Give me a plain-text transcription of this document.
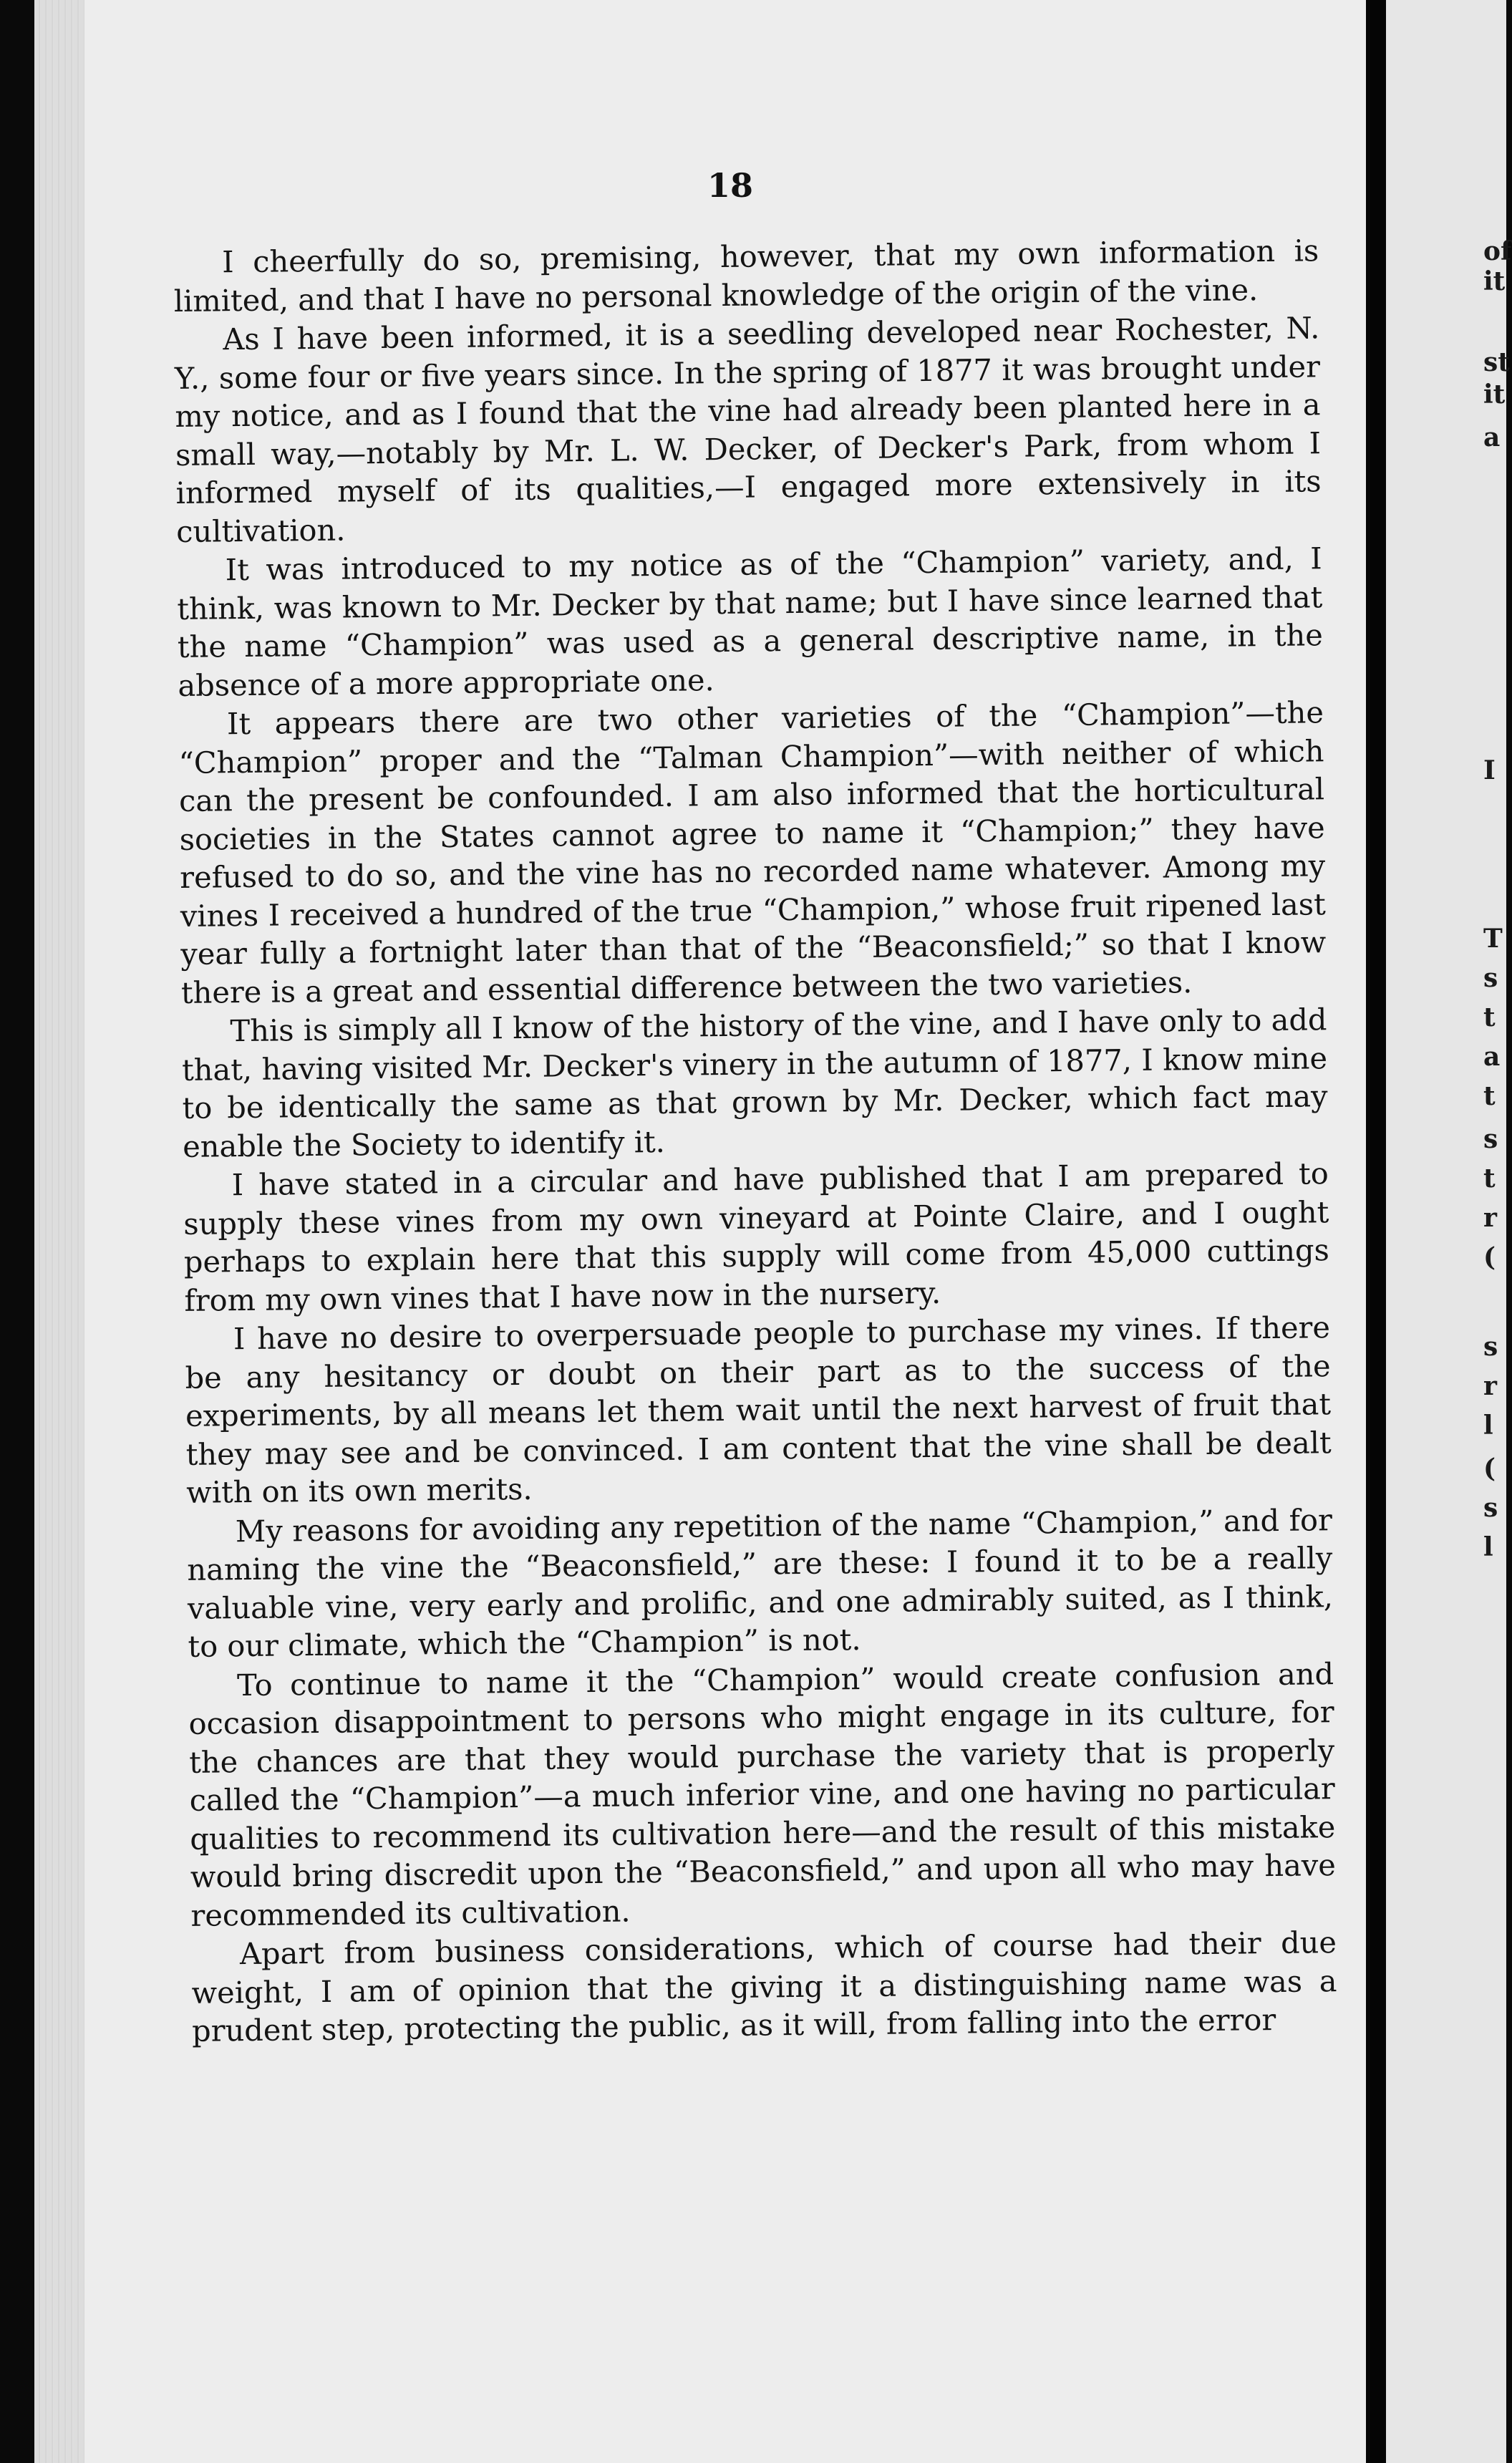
of
it
st
it
a
I
T
s
t
a
t
s
t
r
(
s
r
l
(
s
l
18

I cheerfully do so, premising, however, that my own information is limited, and that I have no personal knowledge of the origin of the vine.

As I have been informed, it is a seedling developed near Rochester, N. Y., some four or five years since. In the spring of 1877 it was brought under my notice, and as I found that the vine had already been planted here in a small way,—notably by Mr. L. W. Decker, of Decker's Park, from whom I informed myself of its qualities,—I engaged more extensively in its cultivation.

It was introduced to my notice as of the “Champion” variety, and, I think, was known to Mr. Decker by that name; but I have since learned that the name “Champion” was used as a general descriptive name, in the absence of a more appropriate one.

It appears there are two other varieties of the “Champion”—the “Champion” proper and the “Talman Champion”—with neither of which can the present be confounded. I am also informed that the horticultural societies in the States cannot agree to name it “Champion;” they have refused to do so, and the vine has no recorded name whatever. Among my vines I received a hundred of the true “Champion,” whose fruit ripened last year fully a fortnight later than that of the “Beaconsfield;” so that I know there is a great and essential difference between the two varieties.

This is simply all I know of the history of the vine, and I have only to add that, having visited Mr. Decker's vinery in the autumn of 1877, I know mine to be identically the same as that grown by Mr. Decker, which fact may enable the Society to identify it.

I have stated in a circular and have published that I am prepared to supply these vines from my own vineyard at Pointe Claire, and I ought perhaps to explain here that this supply will come from 45,000 cuttings from my own vines that I have now in the nursery.

I have no desire to overpersuade people to purchase my vines. If there be any hesitancy or doubt on their part as to the success of the experiments, by all means let them wait until the next harvest of fruit that they may see and be convinced. I am content that the vine shall be dealt with on its own merits.

My reasons for avoiding any repetition of the name “Champion,” and for naming the vine the “Beaconsfield,” are these: I found it to be a really valuable vine, very early and prolific, and one admirably suited, as I think, to our climate, which the “Champion” is not.

To continue to name it the “Champion” would create confusion and occasion disappointment to persons who might engage in its culture, for the chances are that they would purchase the variety that is properly called the “Champion”—a much inferior vine, and one having no particular qualities to recommend its cultivation here—and the result of this mistake would bring discredit upon the “Beaconsfield,” and upon all who may have recommended its cultivation.

Apart from business considerations, which of course had their due weight, I am of opinion that the giving it a distinguishing name was a prudent step, protecting the public, as it will, from falling into the error
